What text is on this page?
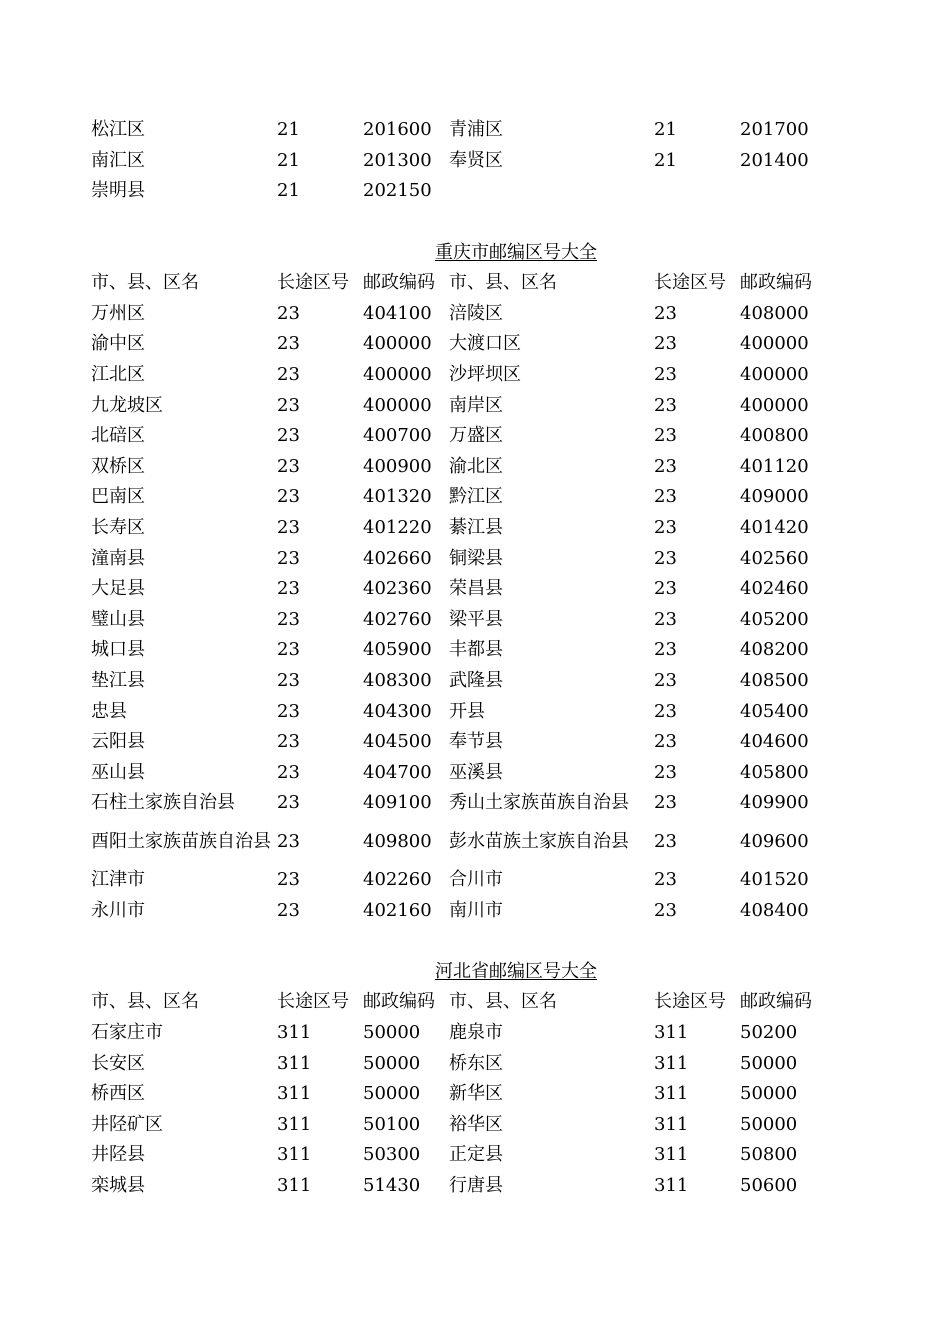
松江区	21	201600	青浦区	21	201700
南汇区	21	201300	奉贤区	21	201400
崇明县	21	202150			

重庆市邮编区号大全					
市、县、区名	长途区号	邮政编码	市、县、区名	长途区号	邮政编码
万州区	23	404100	涪陵区	23	408000
渝中区	23	400000	大渡口区	23	400000
江北区	23	400000	沙坪坝区	23	400000
九龙坡区	23	400000	南岸区	23	400000
北碚区	23	400700	万盛区	23	400800
双桥区	23	400900	渝北区	23	401120
巴南区	23	401320	黔江区	23	409000
长寿区	23	401220	綦江县	23	401420
潼南县	23	402660	铜梁县	23	402560
大足县	23	402360	荣昌县	23	402460
璧山县	23	402760	梁平县	23	405200
城口县	23	405900	丰都县	23	408200
垫江县	23	408300	武隆县	23	408500
忠县	23	404300	开县	23	405400
云阳县	23	404500	奉节县	23	404600
巫山县	23	404700	巫溪县	23	405800
石柱土家族自治县	23	409100	秀山土家族苗族自治县	23	409900
酉阳土家族苗族自治县	23	409800	彭水苗族土家族自治县	23	409600
江津市	23	402260	合川市	23	401520
永川市	23	402160	南川市	23	408400

河北省邮编区号大全					
市、县、区名	长途区号	邮政编码	市、县、区名	长途区号	邮政编码
石家庄市	311	50000	鹿泉市	311	50200
长安区	311	50000	桥东区	311	50000
桥西区	311	50000	新华区	311	50000
井陉矿区	311	50100	裕华区	311	50000
井陉县	311	50300	正定县	311	50800
栾城县	311	51430	行唐县	311	50600
